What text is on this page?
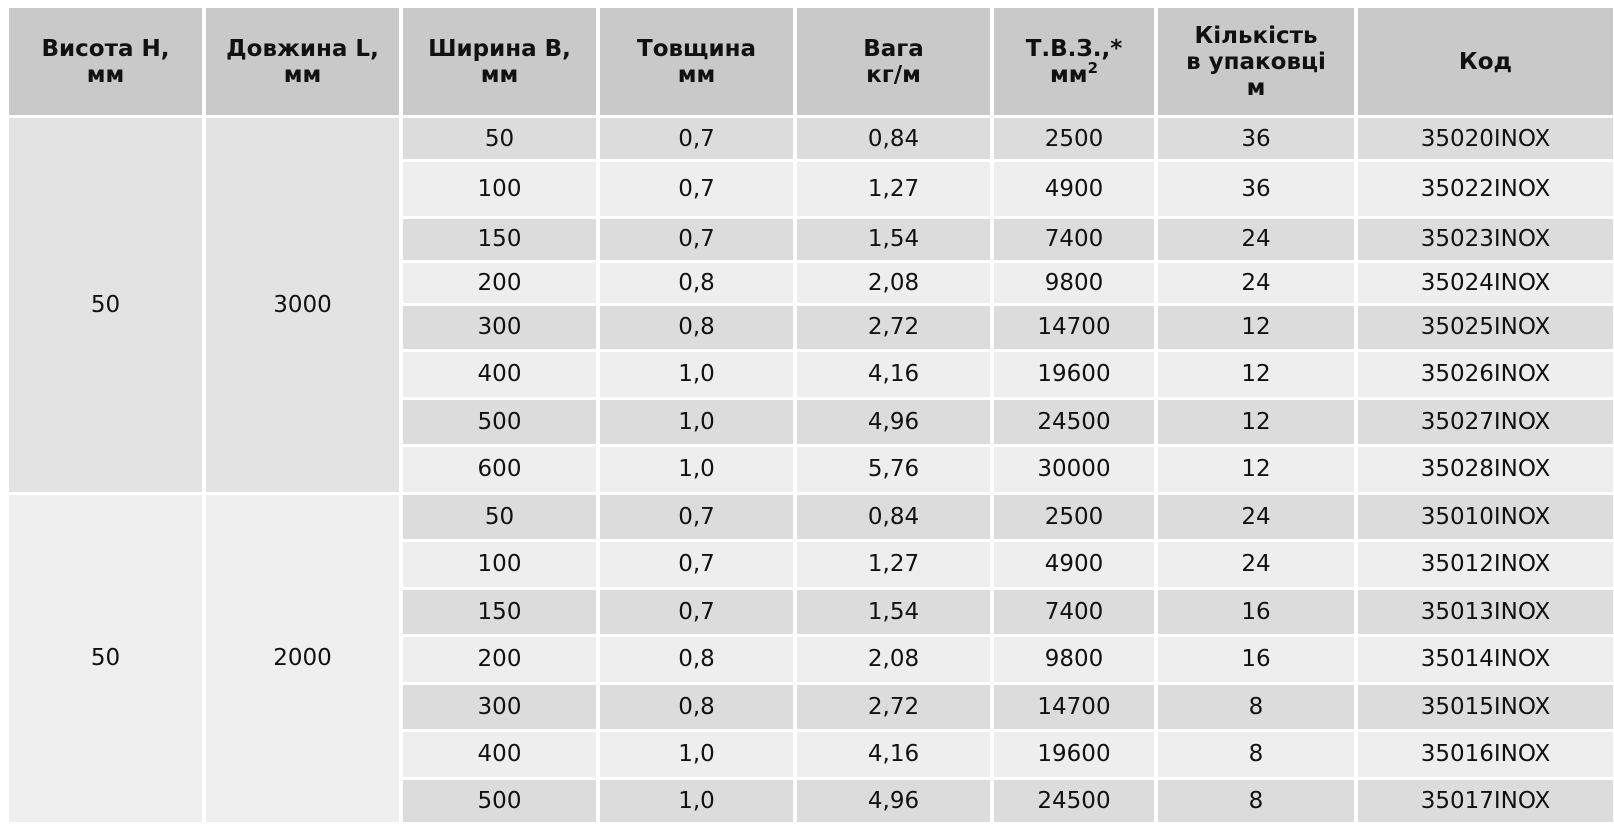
Висота H,
мм	Довжина L,
мм	Ширина B,
мм	Товщина
мм	Вага
кг/м	Т.В.З.,*
$мм^2$	Кількість
в упаковці
м	Код

50	3000	50	0,7	0,84	2500	36	35020INOX
		100	0,7	1,27	4900	36	35022INOX
		150	0,7	1,54	7400	24	35023INOX
		200	0,8	2,08	9800	24	35024INOX
		300	0,8	2,72	14700	12	35025INOX
		400	1,0	4,16	19600	12	35026INOX
		500	1,0	4,96	24500	12	35027INOX
		600	1,0	5,76	30000	12	35028INOX
50	2000	50	0,7	0,84	2500	24	35010INOX
		100	0,7	1,27	4900	24	35012INOX
		150	0,7	1,54	7400	16	35013INOX
		200	0,8	2,08	9800	16	35014INOX
		300	0,8	2,72	14700	8	35015INOX
		400	1,0	4,16	19600	8	35016INOX
		500	1,0	4,96	24500	8	35017INOX
